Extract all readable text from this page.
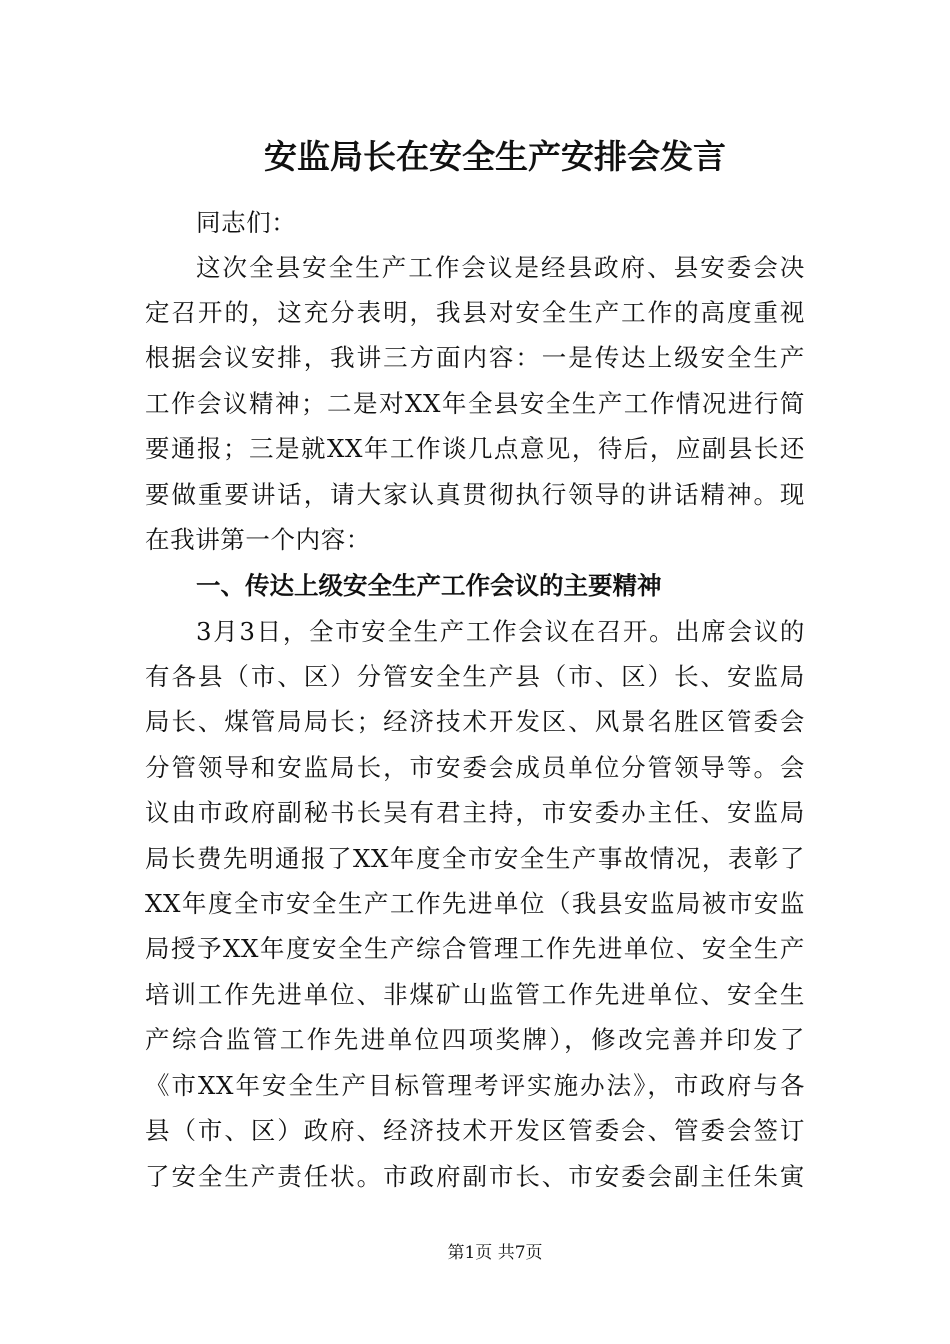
安监局长在安全生产安排会发言
同志们：
这次全县安全生产工作会议是经县政府、县安委会决
定召开的，这充分表明，我县对安全生产工作的高度重视
根据会议安排，我讲三方面内容：一是传达上级安全生产
工作会议精神；二是对XX年全县安全生产工作情况进行简
要通报；三是就XX年工作谈几点意见，待后，应副县长还
要做重要讲话，请大家认真贯彻执行领导的讲话精神。现
在我讲第一个内容：
一、传达上级安全生产工作会议的主要精神
3月3日，全市安全生产工作会议在召开。出席会议的
有各县（市、区）分管安全生产县（市、区）长、安监局
局长、煤管局局长；经济技术开发区、风景名胜区管委会
分管领导和安监局长，市安委会成员单位分管领导等。会
议由市政府副秘书长吴有君主持，市安委办主任、安监局
局长费先明通报了XX年度全市安全生产事故情况，表彰了
XX年度全市安全生产工作先进单位（我县安监局被市安监
局授予XX年度安全生产综合管理工作先进单位、安全生产
培训工作先进单位、非煤矿山监管工作先进单位、安全生
产综合监管工作先进单位四项奖牌），修改完善并印发了
《市XX年安全生产目标管理考评实施办法》，市政府与各
县（市、区）政府、经济技术开发区管委会、管委会签订
了安全生产责任状。市政府副市长、市安委会副主任朱寅
第1页 共7页
